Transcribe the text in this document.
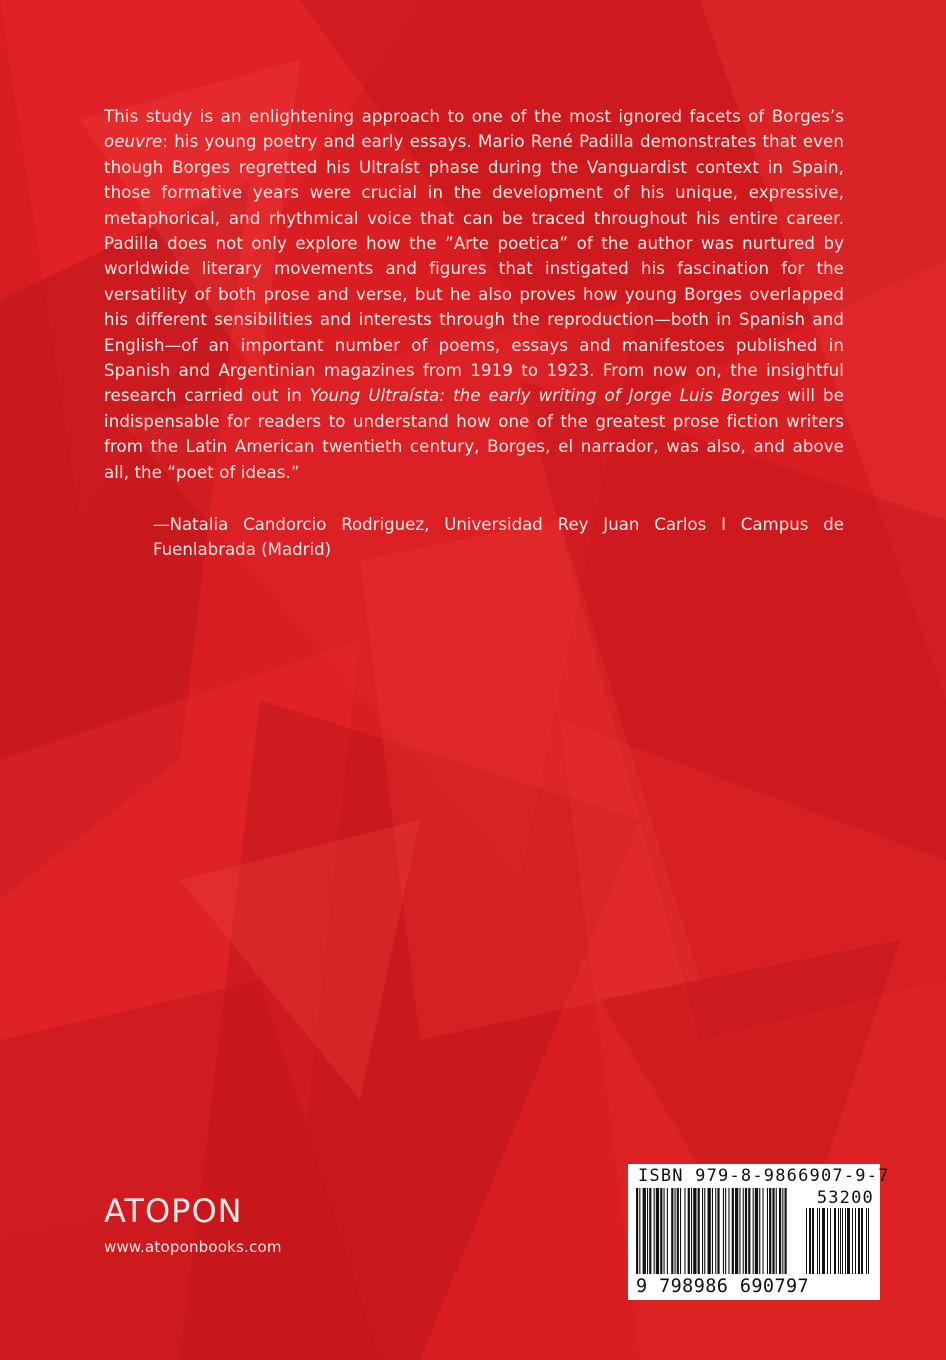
This study is an enlightening approach to one of the most ignored facets of Borges’s oeuvre: his young poetry and early essays. Mario René Padilla demonstrates that even though Borges regretted his Ultraíst phase during the Vanguardist context in Spain, those formative years were crucial in the development of his unique, expressive, metaphorical, and rhythmical voice that can be traced throughout his entire career. Padilla does not only explore how the ”Arte poetica” of the author was nurtured by worldwide literary movements and figures that instigated his fascination for the versatility of both prose and verse, but he also proves how young Borges overlapped his different sensibilities and interests through the reproduction—both in Spanish and English—of an important number of poems, essays and manifestoes published in Spanish and Argentinian magazines from 1919 to 1923. From now on, the insightful research carried out in Young Ultraísta: the early writing of Jorge Luis Borges will be indispensable for readers to understand how one of the greatest prose fiction writers from the Latin American twentieth century, Borges, el narrador, was also, and above all, the “poet of ideas.”
—Natalia Candorcio Rodriguez, Universidad Rey Juan Carlos I Campus de Fuenlabrada (Madrid)
ATOPON
www.atoponbooks.com
ISBN 979-8-9866907-9-7
53200
9 798986 690797
